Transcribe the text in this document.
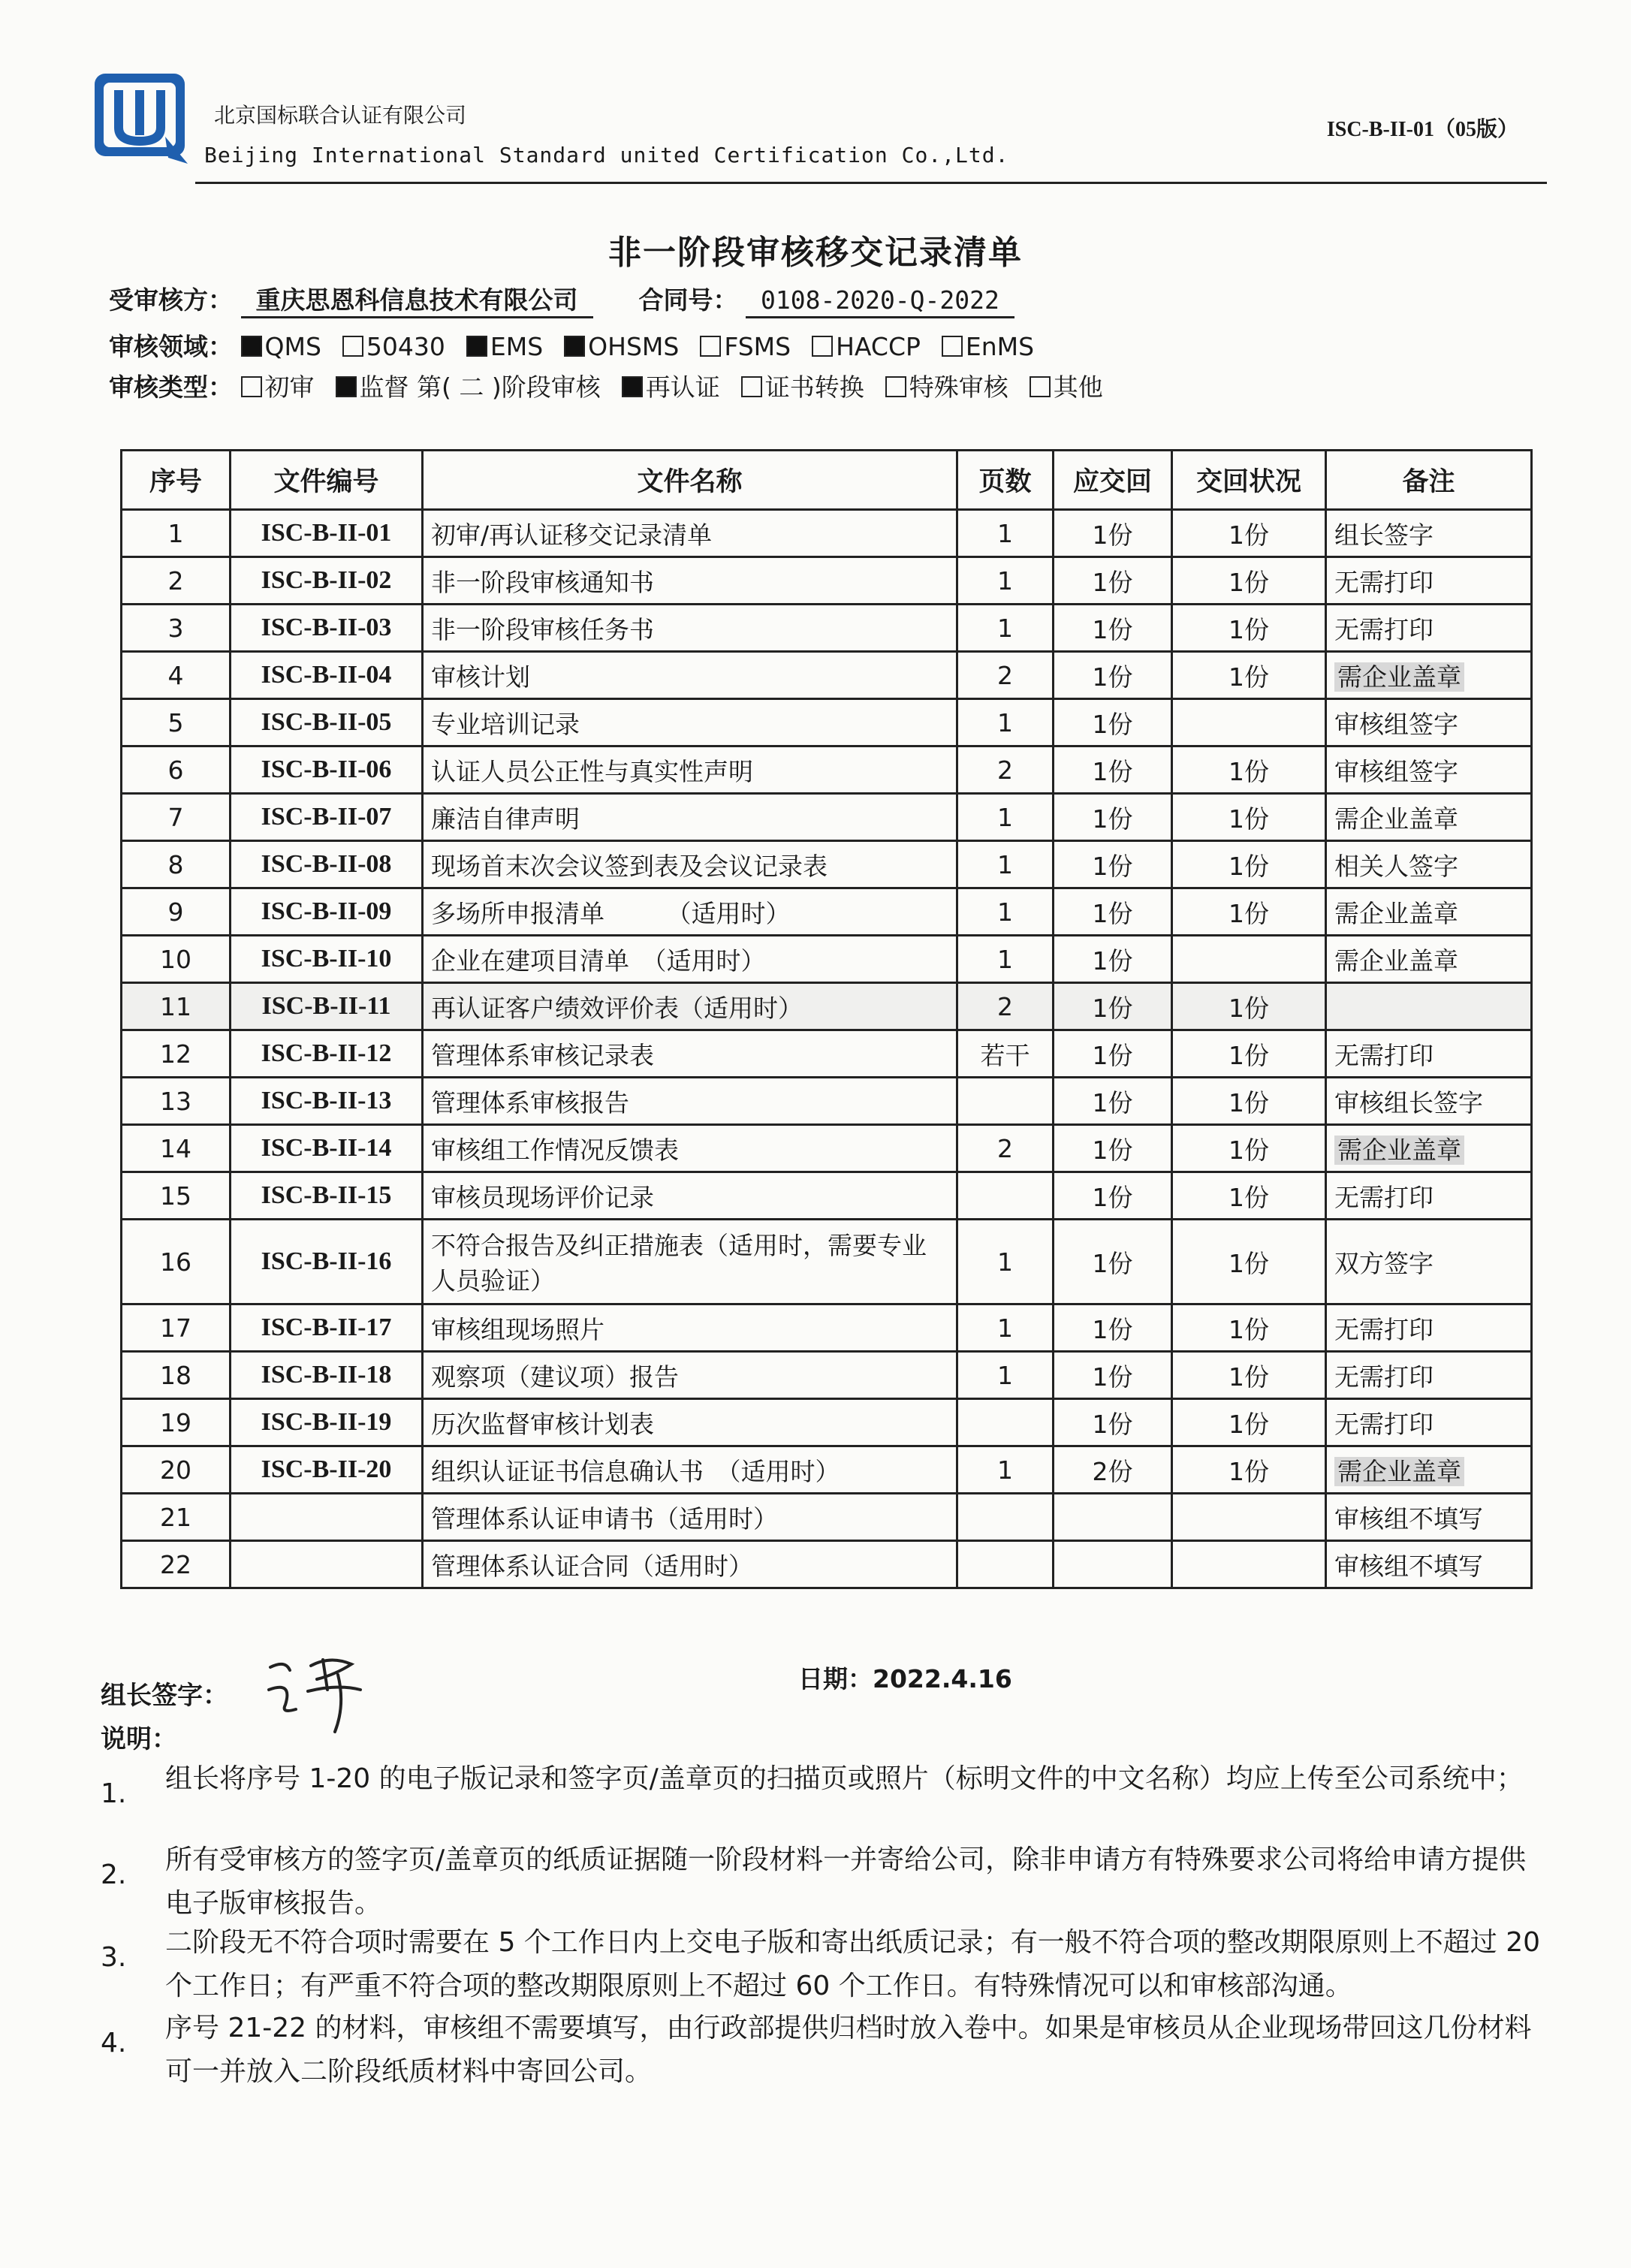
北京国标联合认证有限公司
Beijing International Standard united Certification Co.,Ltd.
ISC-B-II-01（05版）
非一阶段审核移交记录清单
受审核方： 重庆思恩科信息技术有限公司 合同号： 0108-2020-Q-2022
审核领域： QMS 50430 EMS OHSMS FSMS HACCP EnMS
审核类型： 初审 监督 第( 二 )阶段审核 再认证 证书转换 特殊审核 其他
序号	文件编号	文件名称	页数	应交回	交回状况	备注
1	ISC-B-II-01	初审/再认证移交记录清单	1	1份	1份	组长签字
2	ISC-B-II-02	非一阶段审核通知书	1	1份	1份	无需打印
3	ISC-B-II-03	非一阶段审核任务书	1	1份	1份	无需打印
4	ISC-B-II-04	审核计划	2	1份	1份	需企业盖章
5	ISC-B-II-05	专业培训记录	1	1份		审核组签字
6	ISC-B-II-06	认证人员公正性与真实性声明	2	1份	1份	审核组签字
7	ISC-B-II-07	廉洁自律声明	1	1份	1份	需企业盖章
8	ISC-B-II-08	现场首末次会议签到表及会议记录表	1	1份	1份	相关人签字
9	ISC-B-II-09	多场所申报清单　　　（适用时）	1	1份	1份	需企业盖章
10	ISC-B-II-10	企业在建项目清单　（适用时）	1	1份		需企业盖章
11	ISC-B-II-11	再认证客户绩效评价表（适用时）	2	1份	1份	
12	ISC-B-II-12	管理体系审核记录表	若干	1份	1份	无需打印
13	ISC-B-II-13	管理体系审核报告		1份	1份	审核组长签字
14	ISC-B-II-14	审核组工作情况反馈表	2	1份	1份	需企业盖章
15	ISC-B-II-15	审核员现场评价记录		1份	1份	无需打印
16	ISC-B-II-16	不符合报告及纠正措施表（适用时，需要专业人员验证）	1	1份	1份	双方签字
17	ISC-B-II-17	审核组现场照片	1	1份	1份	无需打印
18	ISC-B-II-18	观察项（建议项）报告	1	1份	1份	无需打印
19	ISC-B-II-19	历次监督审核计划表		1份	1份	无需打印
20	ISC-B-II-20	组织认证证书信息确认书　（适用时）	1	2份	1份	需企业盖章
21		管理体系认证申请书（适用时）				审核组不填写
22		管理体系认证合同（适用时）				审核组不填写
组长签字：
日期：2022.4.16
说明：
1.	组长将序号 1-20 的电子版记录和签字页/盖章页的扫描页或照片（标明文件的中文名称）均应上传至公司系统中；
2.	所有受审核方的签字页/盖章页的纸质证据随一阶段材料一并寄给公司，除非申请方有特殊要求公司将给申请方提供电子版审核报告。
3.	二阶段无不符合项时需要在 5 个工作日内上交电子版和寄出纸质记录；有一般不符合项的整改期限原则上不超过 20 个工作日；有严重不符合项的整改期限原则上不超过 60 个工作日。有特殊情况可以和审核部沟通。
4.	序号 21-22 的材料，审核组不需要填写，由行政部提供归档时放入卷中。如果是审核员从企业现场带回这几份材料可一并放入二阶段纸质材料中寄回公司。
